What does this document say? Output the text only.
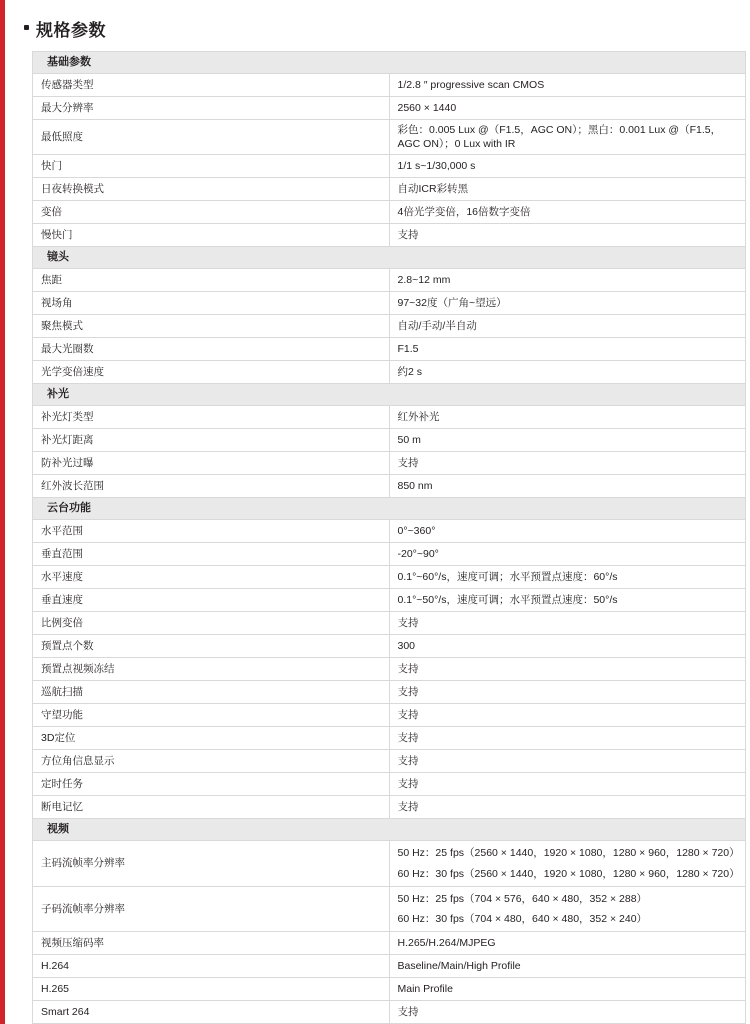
规格参数
基础参数	
传感器类型	1/2.8 ″ progressive scan CMOS

最大分辨率	2560 × 1440

最低照度	彩色：0.005 Lux @（F1.5，AGC ON）；黑白：0.001 Lux @（F1.5，AGC ON）；0 Lux with IR

快门	1/1 s~1/30,000 s

日夜转换模式	自动ICR彩转黑

变倍	4倍光学变倍，16倍数字变倍

慢快门	支持

镜头	
焦距	2.8~12 mm

视场角	97~32度（广角~望远）

聚焦模式	自动/手动/半自动

最大光圈数	F1.5

光学变倍速度	约2 s

补光	
补光灯类型	红外补光

补光灯距离	50 m

防补光过曝	支持

红外波长范围	850 nm

云台功能	
水平范围	0°~360°

垂直范围	-20°~90°

水平速度	0.1°~60°/s，速度可调；水平预置点速度：60°/s

垂直速度	0.1°~50°/s，速度可调；水平预置点速度：50°/s

比例变倍	支持

预置点个数	300

预置点视频冻结	支持

巡航扫描	支持

守望功能	支持

3D定位	支持

方位角信息显示	支持

定时任务	支持

断电记忆	支持

视频	
主码流帧率分辨率	50 Hz：25 fps（2560 × 1440，1920 × 1080，1280 × 960，1280 × 720）
60 Hz：30 fps（2560 × 1440，1920 × 1080，1280 × 960，1280 × 720）

子码流帧率分辨率	50 Hz：25 fps（704 × 576，640 × 480，352 × 288）
60 Hz：30 fps（704 × 480，640 × 480，352 × 240）

视频压缩码率	H.265/H.264/MJPEG

H.264	Baseline/Main/High Profile

H.265	Main Profile

Smart 264	支持
